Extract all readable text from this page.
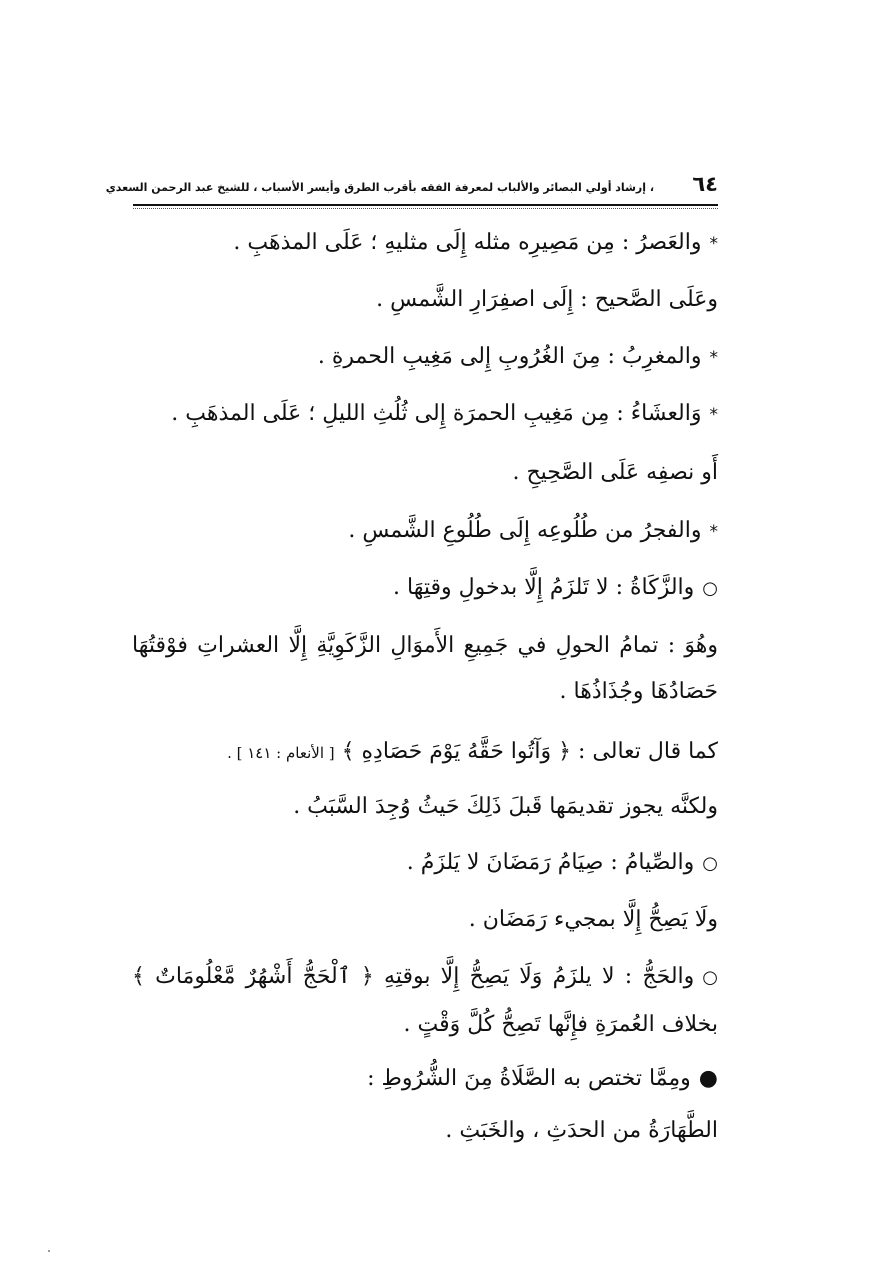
٦٤
، إرشاد أولي البصائر والألباب لمعرفة الفقه بأقرب الطرق وأيسر الأسباب ، للشيخ عبد الرحمن السعدي
*والعَصرُ : مِن مَصِيرِه مثله إِلَى مثليهِ ؛ عَلَى المذهَبِ .
وعَلَى الصَّحيح : إِلَى اصفِرَارِ الشَّمسِ .
*والمغرِبُ : مِنَ الغُرُوبِ إِلى مَغِيبِ الحمرةِ .
*وَالعشَاءُ : مِن مَغِيبِ الحمرَة إِلى ثُلُثِ الليلِ ؛ عَلَى المذهَبِ .
أَو نصفِه عَلَى الصَّحِيحِ .
*والفجرُ من طُلُوعِه إِلَى طُلُوعِ الشَّمسِ .
○والزَّكَاةُ : لا تَلزَمُ إِلَّا بدخولِ وقتِهَا .
وهُوَ : تمامُ الحولِ في جَمِيعِ الأَموَالِ الزَّكَوِيَّةِ إِلَّا العشراتِ فوْقتُهَا
حَصَادُهَا وجُذَاذُهَا .
كما قال تعالى : ﴿ وَآتُوا حَقَّهُ يَوْمَ حَصَادِهِ ﴾ [ الأنعام : ١٤١ ] .
ولكنَّه يجوز تقديمَها قَبلَ ذَلِكَ حَيثُ وُجِدَ السَّبَبُ .
○والصِّيامُ : صِيَامُ رَمَضَانَ لا يَلزَمُ .
ولَا يَصِحُّ إِلَّا بمجيء رَمَضَان .
○والحَجُّ : لا يلزَمُ وَلَا يَصِحُّ إِلَّا بوقتِهِ ﴿ ٱلْحَجُّ أَشْهُرٌ مَّعْلُومَاتٌ ﴾
بخلاف العُمرَةِ فإِنَّها تَصِحُّ كُلَّ وَقْتٍ .
●ومِمَّا تختص به الصَّلَاةُ مِنَ الشُّرُوطِ :
الطَّهَارَةُ من الحدَثِ ، والخَبَثِ .
